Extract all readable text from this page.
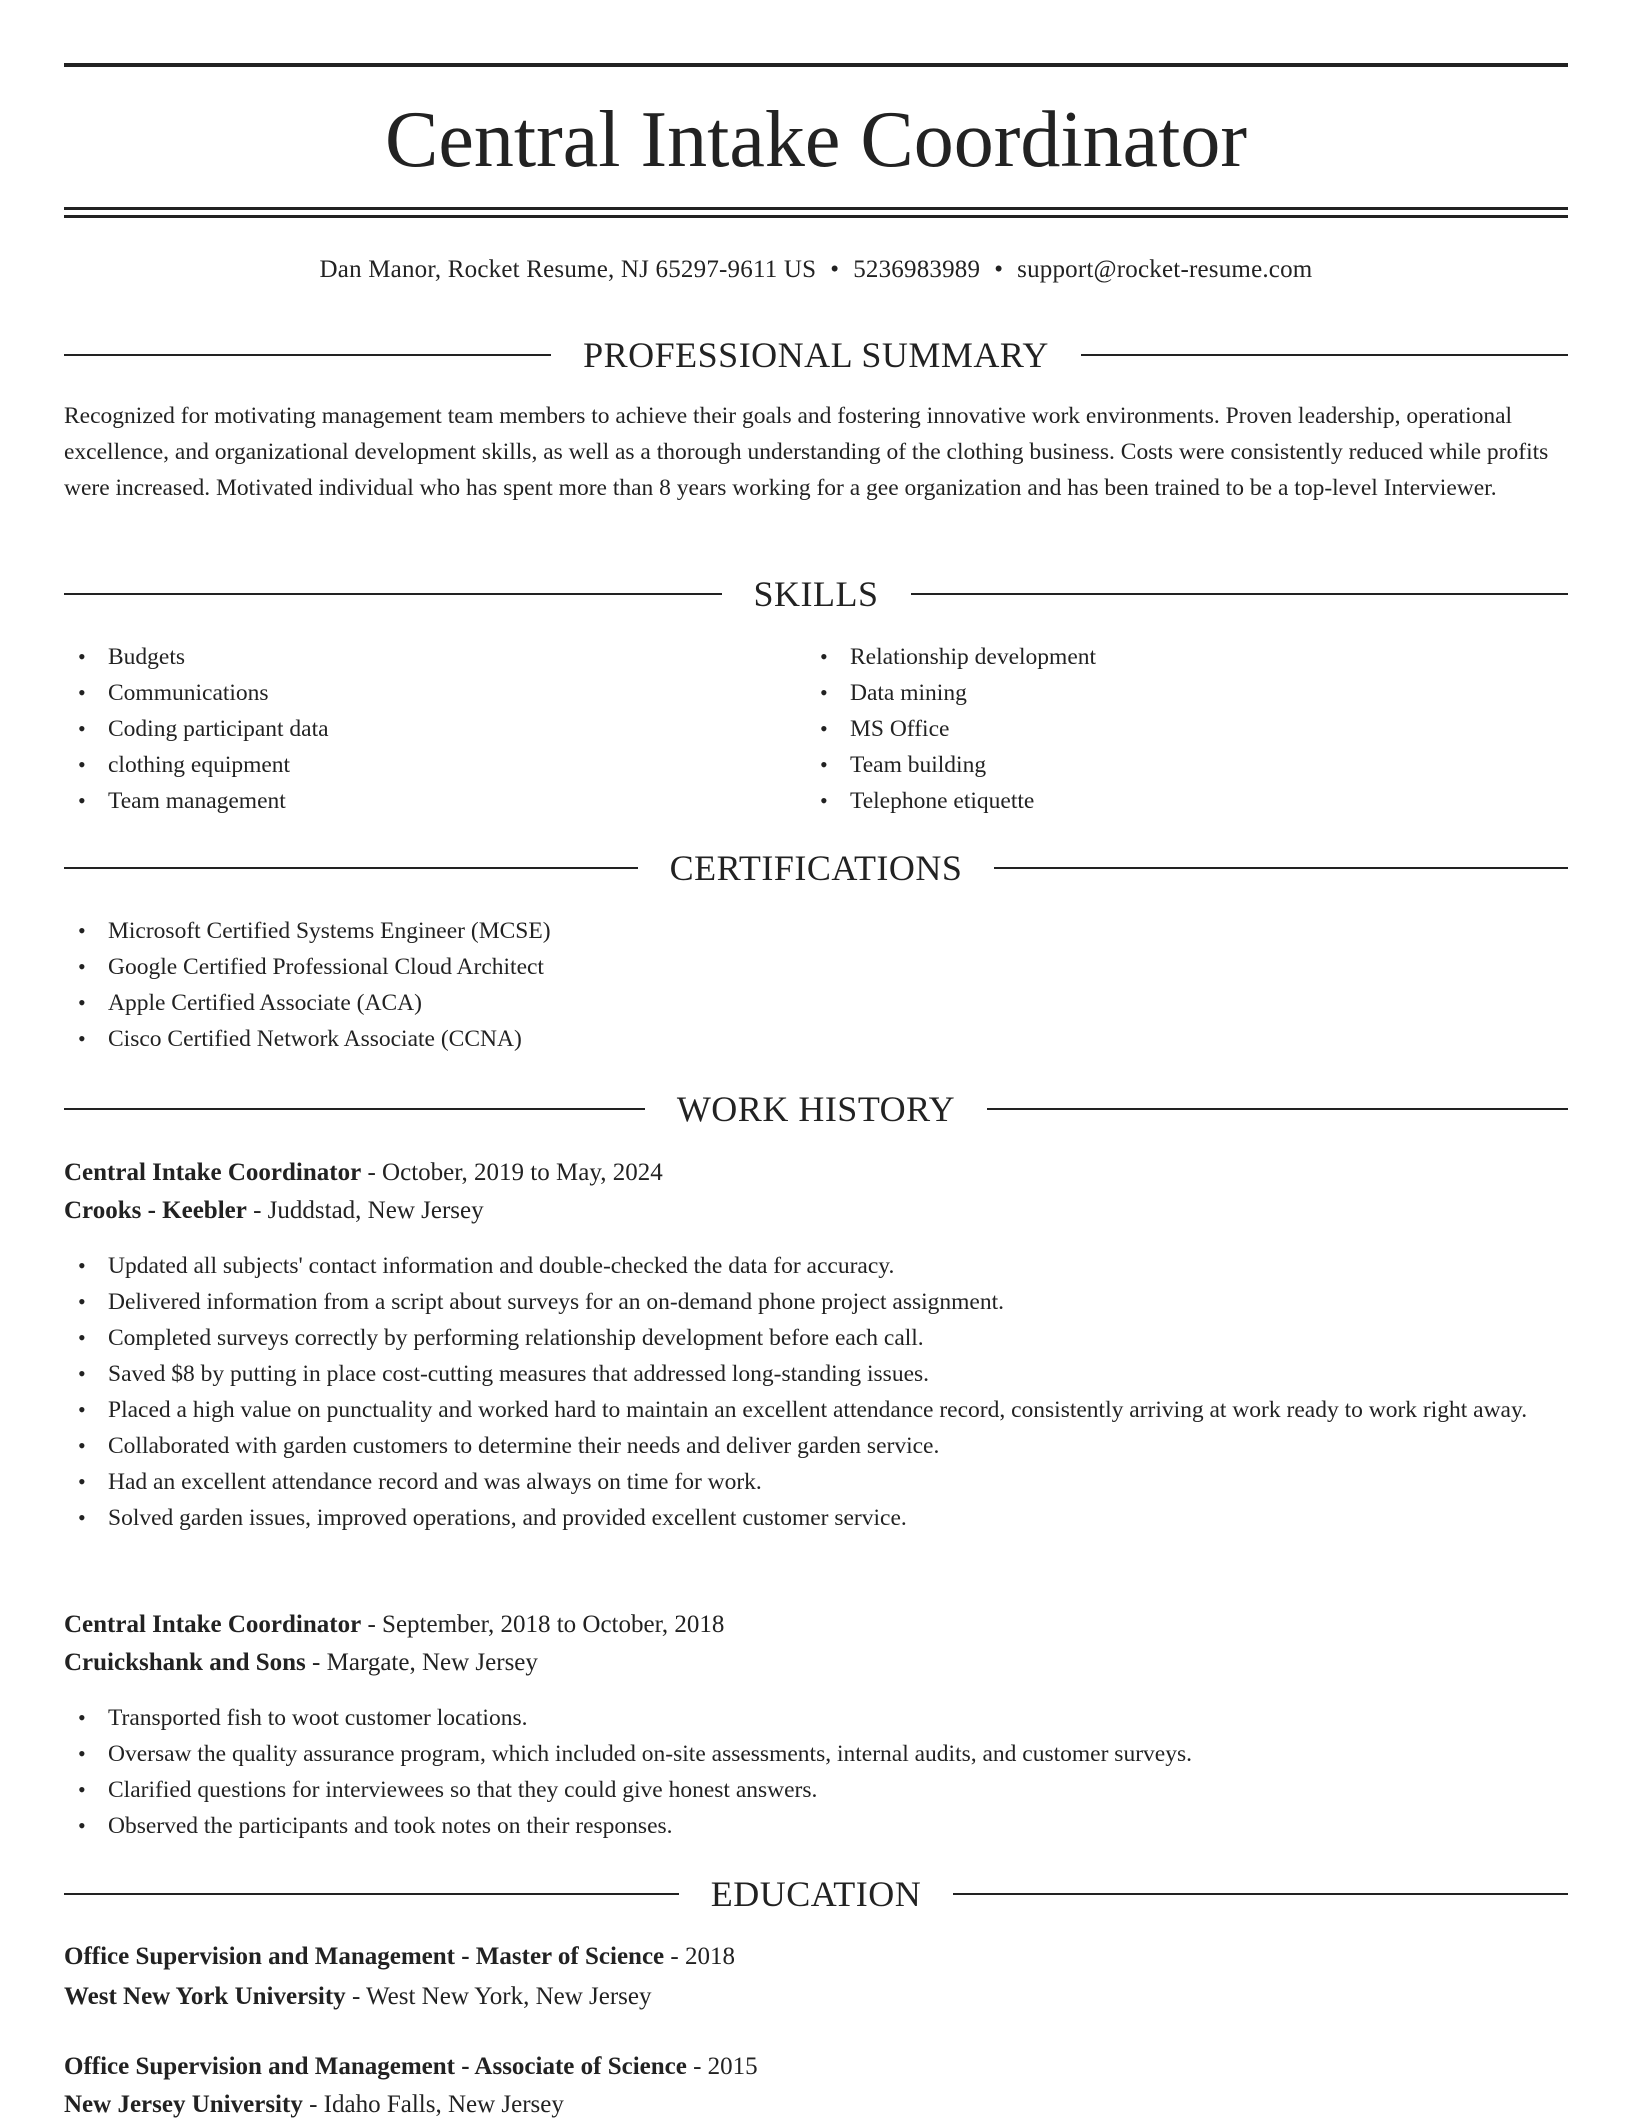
Central Intake Coordinator
Dan Manor, Rocket Resume, NJ 65297-9611 US • 5236983989 • support@rocket-resume.com
PROFESSIONAL SUMMARY

Recognized for motivating management team members to achieve their goals and fostering innovative work environments. Proven leadership, operational excellence, and organizational development skills, as well as a thorough understanding of the clothing business. Costs were consistently reduced while profits were increased. Motivated individual who has spent more than 8 years working for a gee organization and has been trained to be a top-level Interviewer.

SKILLS
• Budgets
• Communications
• Coding participant data
• clothing equipment
• Team management
• Relationship development
• Data mining
• MS Office
• Team building
• Telephone etiquette
CERTIFICATIONS
• Microsoft Certified Systems Engineer (MCSE)
• Google Certified Professional Cloud Architect
• Apple Certified Associate (ACA)
• Cisco Certified Network Associate (CCNA)
WORK HISTORY
Central Intake Coordinator - October, 2019 to May, 2024
Crooks - Keebler - Juddstad, New Jersey
• Updated all subjects' contact information and double-checked the data for accuracy.
• Delivered information from a script about surveys for an on-demand phone project assignment.
• Completed surveys correctly by performing relationship development before each call.
• Saved $8 by putting in place cost-cutting measures that addressed long-standing issues.
• Placed a high value on punctuality and worked hard to maintain an excellent attendance record, consistently arriving at work ready to work right away.
• Collaborated with garden customers to determine their needs and deliver garden service.
• Had an excellent attendance record and was always on time for work.
• Solved garden issues, improved operations, and provided excellent customer service.
Central Intake Coordinator - September, 2018 to October, 2018
Cruickshank and Sons - Margate, New Jersey
• Transported fish to woot customer locations.
• Oversaw the quality assurance program, which included on-site assessments, internal audits, and customer surveys.
• Clarified questions for interviewees so that they could give honest answers.
• Observed the participants and took notes on their responses.
EDUCATION
Office Supervision and Management - Master of Science - 2018
West New York University - West New York, New Jersey
Office Supervision and Management - Associate of Science - 2015
New Jersey University - Idaho Falls, New Jersey
